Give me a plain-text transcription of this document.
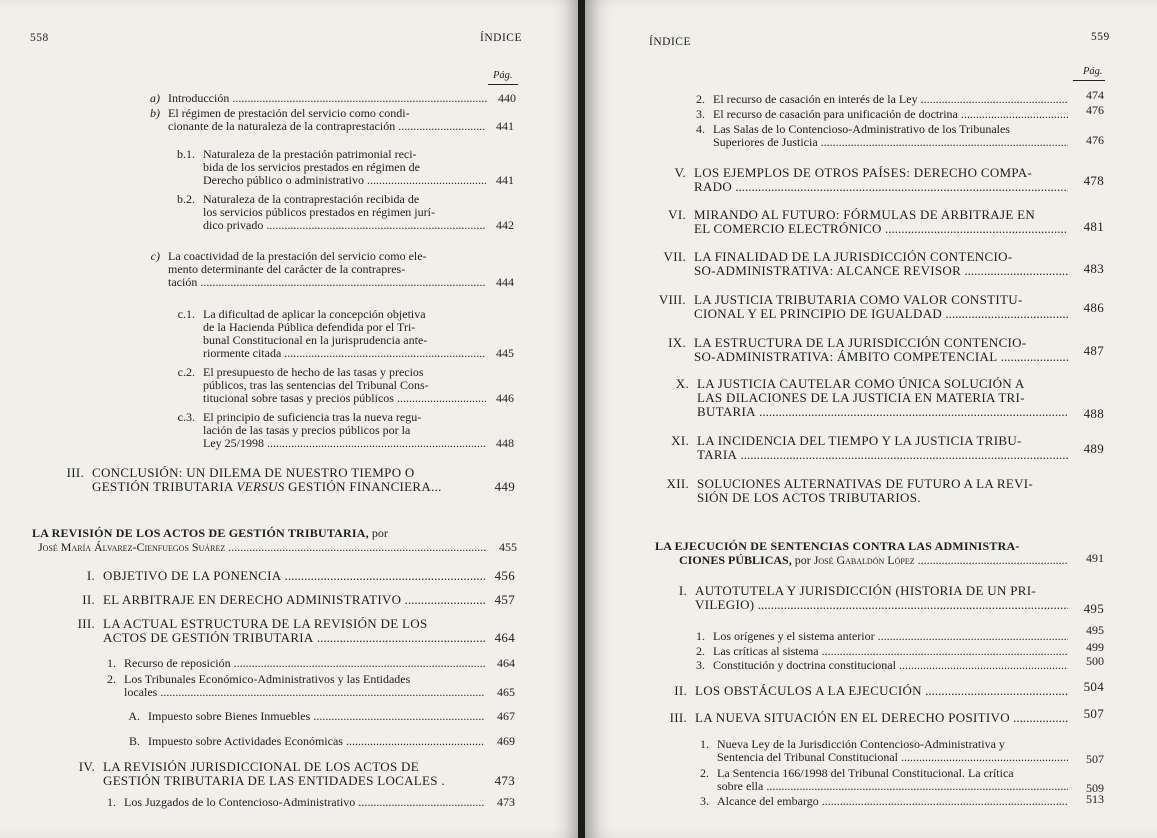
558	ÍNDICE
Pág.
a) Introducción .....	440
b) El régimen de prestación del servicio como condi-
cionante de la naturaleza de la contraprestación .....	441
b.1. Naturaleza de la prestación patrimonial reci-
bida de los servicios prestados en régimen de
Derecho público o administrativo .....	441
b.2. Naturaleza de la contraprestación recibida de
los servicios públicos prestados en régimen jurí-
dico privado .....	442
c) La coactividad de la prestación del servicio como ele-
mento determinante del carácter de la contrapres-
tación .....	444
c.1. La dificultad de aplicar la concepción objetiva
de la Hacienda Pública defendida por el Tri-
bunal Constitucional en la jurisprudencia ante-
riormente citada .....	445
c.2. El presupuesto de hecho de las tasas y precios
públicos, tras las sentencias del Tribunal Cons-
titucional sobre tasas y precios públicos .....	446
c.3. El principio de suficiencia tras la nueva regu-
lación de las tasas y precios públicos por la
Ley 25/1998 .....	448
III. CONCLUSIÓN: UN DILEMA DE NUESTRO TIEMPO O
GESTIÓN TRIBUTARIA VERSUS GESTIÓN FINANCIERA...	449
LA REVISIÓN DE LOS ACTOS DE GESTIÓN TRIBUTARIA, por
José María Álvarez-Cienfuegos Suárez .....	455
I. OBJETIVO DE LA PONENCIA .....	456
II. EL ARBITRAJE EN DERECHO ADMINISTRATIVO .....	457
III. LA ACTUAL ESTRUCTURA DE LA REVISIÓN DE LOS
ACTOS DE GESTIÓN TRIBUTARIA .....	464
1. Recurso de reposición .....	464
2. Los Tribunales Económico-Administrativos y las Entidades
locales .....	465
A. Impuesto sobre Bienes Inmuebles .....	467
B. Impuesto sobre Actividades Económicas .....	469
IV. LA REVISIÓN JURISDICCIONAL DE LOS ACTOS DE
GESTIÓN TRIBUTARIA DE LAS ENTIDADES LOCALES .	473
1. Los Juzgados de lo Contencioso-Administrativo .....	473
ÍNDICE	559
Pág.
2. El recurso de casación en interés de la Ley .....	474
3. El recurso de casación para unificación de doctrina .....	476
4. Las Salas de lo Contencioso-Administrativo de los Tribunales
Superiores de Justicia .....	476
V. LOS EJEMPLOS DE OTROS PAÍSES: DERECHO COMPA-
RADO .....	478
VI. MIRANDO AL FUTURO: FÓRMULAS DE ARBITRAJE EN
EL COMERCIO ELECTRÓNICO .....	481
VII. LA FINALIDAD DE LA JURISDICCIÓN CONTENCIO-
SO-ADMINISTRATIVA: ALCANCE REVISOR .....	483
VIII. LA JUSTICIA TRIBUTARIA COMO VALOR CONSTITU-
CIONAL Y EL PRINCIPIO DE IGUALDAD .....	486
IX. LA ESTRUCTURA DE LA JURISDICCIÓN CONTENCIO-
SO-ADMINISTRATIVA: ÁMBITO COMPETENCIAL .....	487
X. LA JUSTICIA CAUTELAR COMO ÚNICA SOLUCIÓN A
LAS DILACIONES DE LA JUSTICIA EN MATERIA TRI-
BUTARIA .....	488
XI. LA INCIDENCIA DEL TIEMPO Y LA JUSTICIA TRIBU-
TARIA .....	489
XII. SOLUCIONES ALTERNATIVAS DE FUTURO A LA REVI-
SIÓN DE LOS ACTOS TRIBUTARIOS.
LA EJECUCIÓN DE SENTENCIAS CONTRA LAS ADMINISTRA-
CIONES PÚBLICAS, por José Gabaldón López .....	491
I. AUTOTUTELA Y JURISDICCIÓN (HISTORIA DE UN PRI-
VILEGIO) .....	495
1. Los orígenes y el sistema anterior .....	495
2. Las críticas al sistema .....	499
3. Constitución y doctrina constitucional .....	500
II. LOS OBSTÁCULOS A LA EJECUCIÓN .....	504
III. LA NUEVA SITUACIÓN EN EL DERECHO POSITIVO .....	507
1. Nueva Ley de la Jurisdicción Contencioso-Administrativa y
Sentencia del Tribunal Constitucional .....	507
2. La Sentencia 166/1998 del Tribunal Constitucional. La crítica
sobre ella .....	509
3. Alcance del embargo .....	513
